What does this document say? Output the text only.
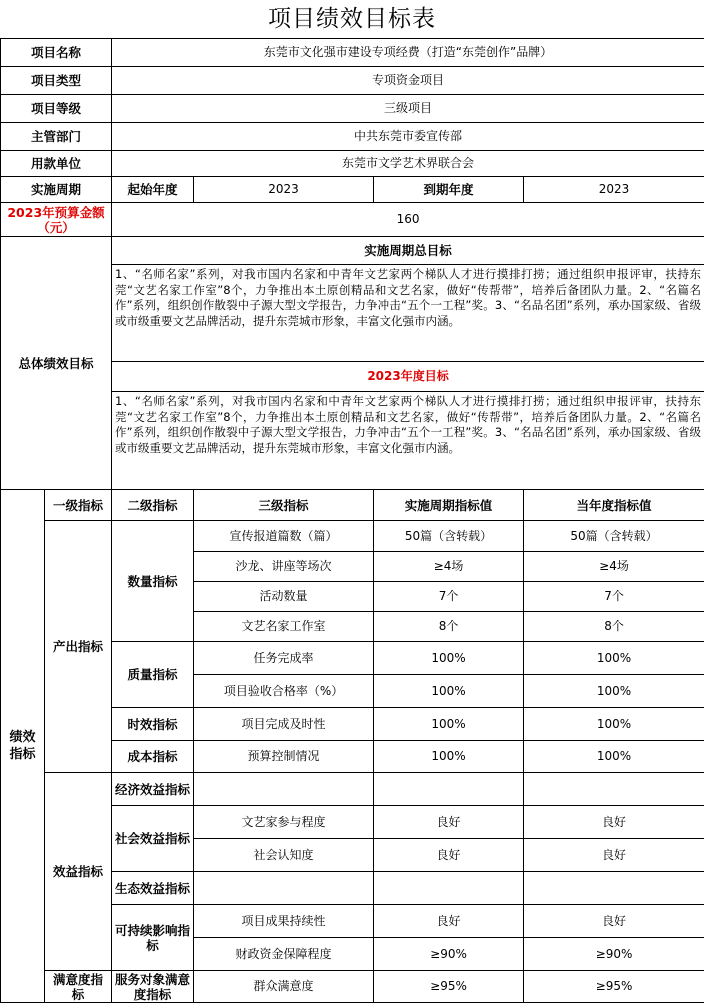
项目绩效目标表
项目名称		东莞市文化强市建设专项经费（打造“东莞创作”品牌）			
项目类型		专项资金项目			
项目等级		三级项目			
主管部门		中共东莞市委宣传部			
用款单位		东莞市文学艺术界联合会			
实施周期		起始年度	2023	到期年度	2023
2023年预算金额（元）		160			
总体绩效目标		实施周期总目标			
		1、“名师名家”系列，对我市国内名家和中青年文艺家两个梯队人才进行摸排打捞；通过组织申报评审，扶持东莞“文艺名家工作室”8个，力争推出本土原创精品和文艺名家，做好“传帮带”，培养后备团队力量。2、“名篇名作”系列，组织创作散裂中子源大型文学报告，力争冲击“五个一工程”奖。3、“名品名团”系列，承办国家级、省级或市级重要文艺品牌活动，提升东莞城市形象，丰富文化强市内涵。			
		2023年度目标			
		1、“名师名家”系列，对我市国内名家和中青年文艺家两个梯队人才进行摸排打捞；通过组织申报评审，扶持东莞“文艺名家工作室”8个，力争推出本土原创精品和文艺名家，做好“传帮带”，培养后备团队力量。2、“名篇名作”系列，组织创作散裂中子源大型文学报告，力争冲击“五个一工程”奖。3、“名品名团”系列，承办国家级、省级或市级重要文艺品牌活动，提升东莞城市形象，丰富文化强市内涵。			
绩效指标	一级指标	二级指标	三级指标	实施周期指标值	当年度指标值
	产出指标	数量指标	宣传报道篇数（篇）	50篇（含转载）	50篇（含转载）
			沙龙、讲座等场次	≥4场	≥4场
			活动数量	7个	7个
			文艺名家工作室	8个	8个
		质量指标	任务完成率	100%	100%
			项目验收合格率（%）	100%	100%
		时效指标	项目完成及时性	100%	100%
		成本指标	预算控制情况	100%	100%
	效益指标	经济效益指标			
		社会效益指标	文艺家参与程度	良好	良好
			社会认知度	良好	良好
		生态效益指标			
		可持续影响指标	项目成果持续性	良好	良好
			财政资金保障程度	≥90%	≥90%
	满意度指标	服务对象满意度指标	群众满意度	≥95%	≥95%
